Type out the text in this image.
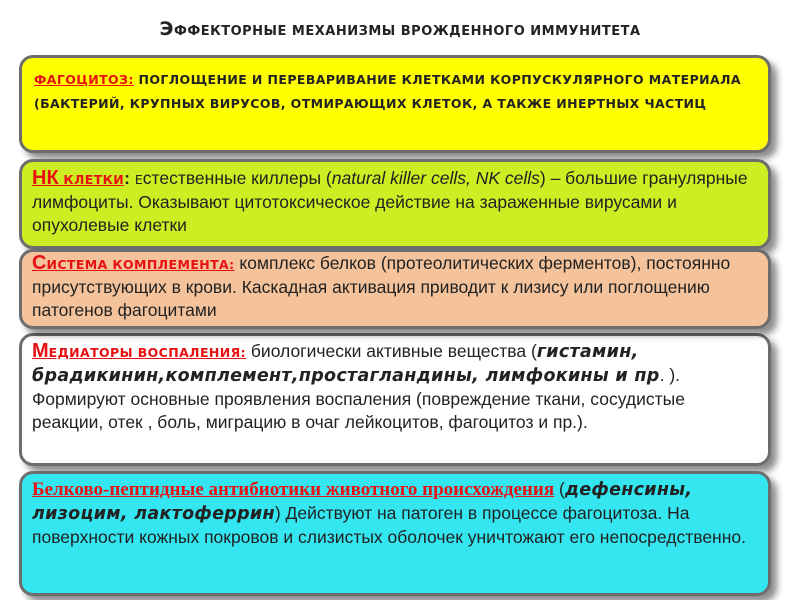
ЭФФЕКТОРНЫЕ МЕХАНИЗМЫ ВРОЖДЕННОГО ИММУНИТЕТА
ФАГОЦИТОЗ: ПОГЛОЩЕНИЕ И ПЕРЕВАРИВАНИЕ КЛЕТКАМИ КОРПУСКУЛЯРНОГО МАТЕРИАЛА (БАКТЕРИЙ, КРУПНЫХ ВИРУСОВ, ОТМИРАЮЩИХ КЛЕТОК, А ТАКЖЕ ИНЕРТНЫХ ЧАСТИЦ
НК КЛЕТКИ: Естественные киллеры (natural killer cells, NK cells) – большие гранулярные лимфоциты. Оказывают цитотоксическое действие на зараженные вирусами и опухолевые клетки
СИСТЕМА КОМПЛЕМЕНТА: комплекс белков (протеолитических ферментов), постоянно присутствующих в крови. Каскадная активация приводит к лизису или поглощению патогенов фагоцитами
МЕДИАТОРЫ ВОСПАЛЕНИЯ: биологически активные вещества (гистамин, брадикинин,комплемент,простагландины, лимфокины и пр. ). Формируют основные проявления воспаления (повреждение ткани, сосудистые реакции, отек , боль, миграцию в очаг лейкоцитов, фагоцитоз и пр.).
Белково-пептидные антибиотики животного происхождения (дефенсины, лизоцим, лактоферрин) Действуют на патоген в процессе фагоцитоза. На поверхности кожных покровов и слизистых оболочек уничтожают его непосредственно.
